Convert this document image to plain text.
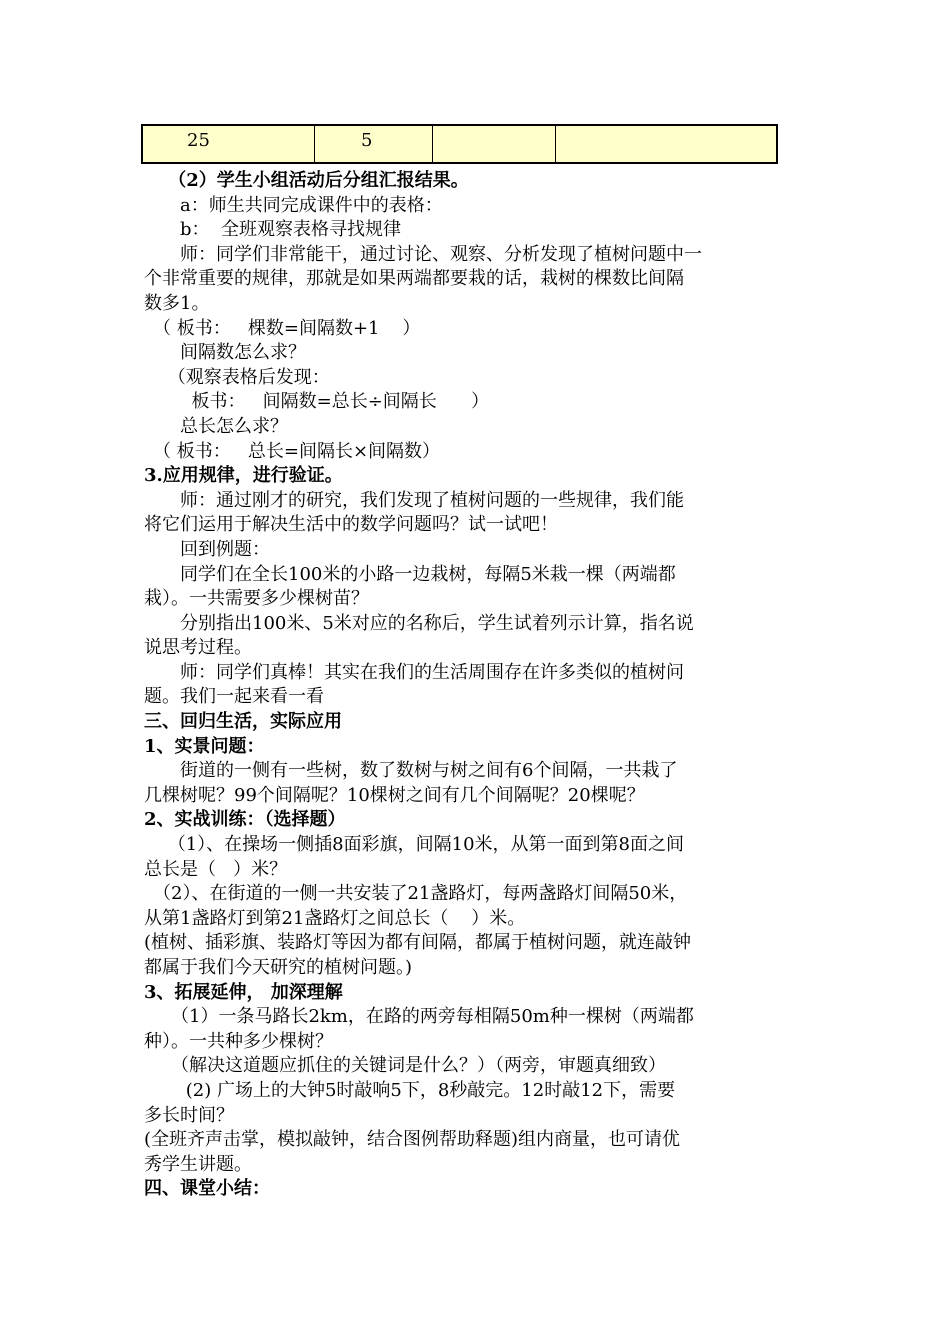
25	5
　 （2）学生小组活动后分组汇报结果。
　　a：师生共同完成课件中的表格：
　　b：  全班观察表格寻找规律
　　师：同学们非常能干，通过讨论、观察、分析发现了植树问题中一
个非常重要的规律，那就是如果两端都要栽的话，栽树的棵数比间隔
数多1。
　（ 板书：   棵数=间隔数+1    ）
　　间隔数怎么求？
　 （观察表格后发现：
　　  板书：   间隔数=总长÷间隔长      ）
　　总长怎么求？
　（ 板书：   总长=间隔长×间隔数）
3.应用规律，进行验证。
　　师：通过刚才的研究，我们发现了植树问题的一些规律，我们能
将它们运用于解决生活中的数学问题吗？试一试吧！
　　回到例题：
　　同学们在全长100米的小路一边栽树，每隔5米栽一棵（两端都
栽）。一共需要多少棵树苗？
　　分别指出100米、5米对应的名称后，学生试着列示计算，指名说
说思考过程。
　　师：同学们真棒！其实在我们的生活周围存在许多类似的植树问
题。我们一起来看一看
三、回归生活，实际应用
1、实景问题：
　　街道的一侧有一些树，数了数树与树之间有6个间隔，一共栽了
几棵树呢？99个间隔呢？10棵树之间有几个间隔呢？20棵呢？
2、实战训练：（选择题）
　 （1）、在操场一侧插8面彩旗，间隔10米，从第一面到第8面之间
总长是（   ）米？
　（2）、在街道的一侧一共安装了21盏路灯，每两盏路灯间隔50米，
从第1盏路灯到第21盏路灯之间总长（    ）米。
(植树、插彩旗、装路灯等因为都有间隔，都属于植树问题，就连敲钟
都属于我们今天研究的植树问题。)
3、拓展延伸， 加深理解
　　（1）一条马路长2km，在路的两旁每相隔50m种一棵树（两端都
种）。一共种多少棵树？
　　（解决这道题应抓住的关键词是什么？）（两旁，审题真细致）
　　 (2) 广场上的大钟5时敲响5下，8秒敲完。12时敲12下，需要
多长时间？
(全班齐声击掌，模拟敲钟，结合图例帮助释题)组内商量，也可请优
秀学生讲题。
四、课堂小结：
